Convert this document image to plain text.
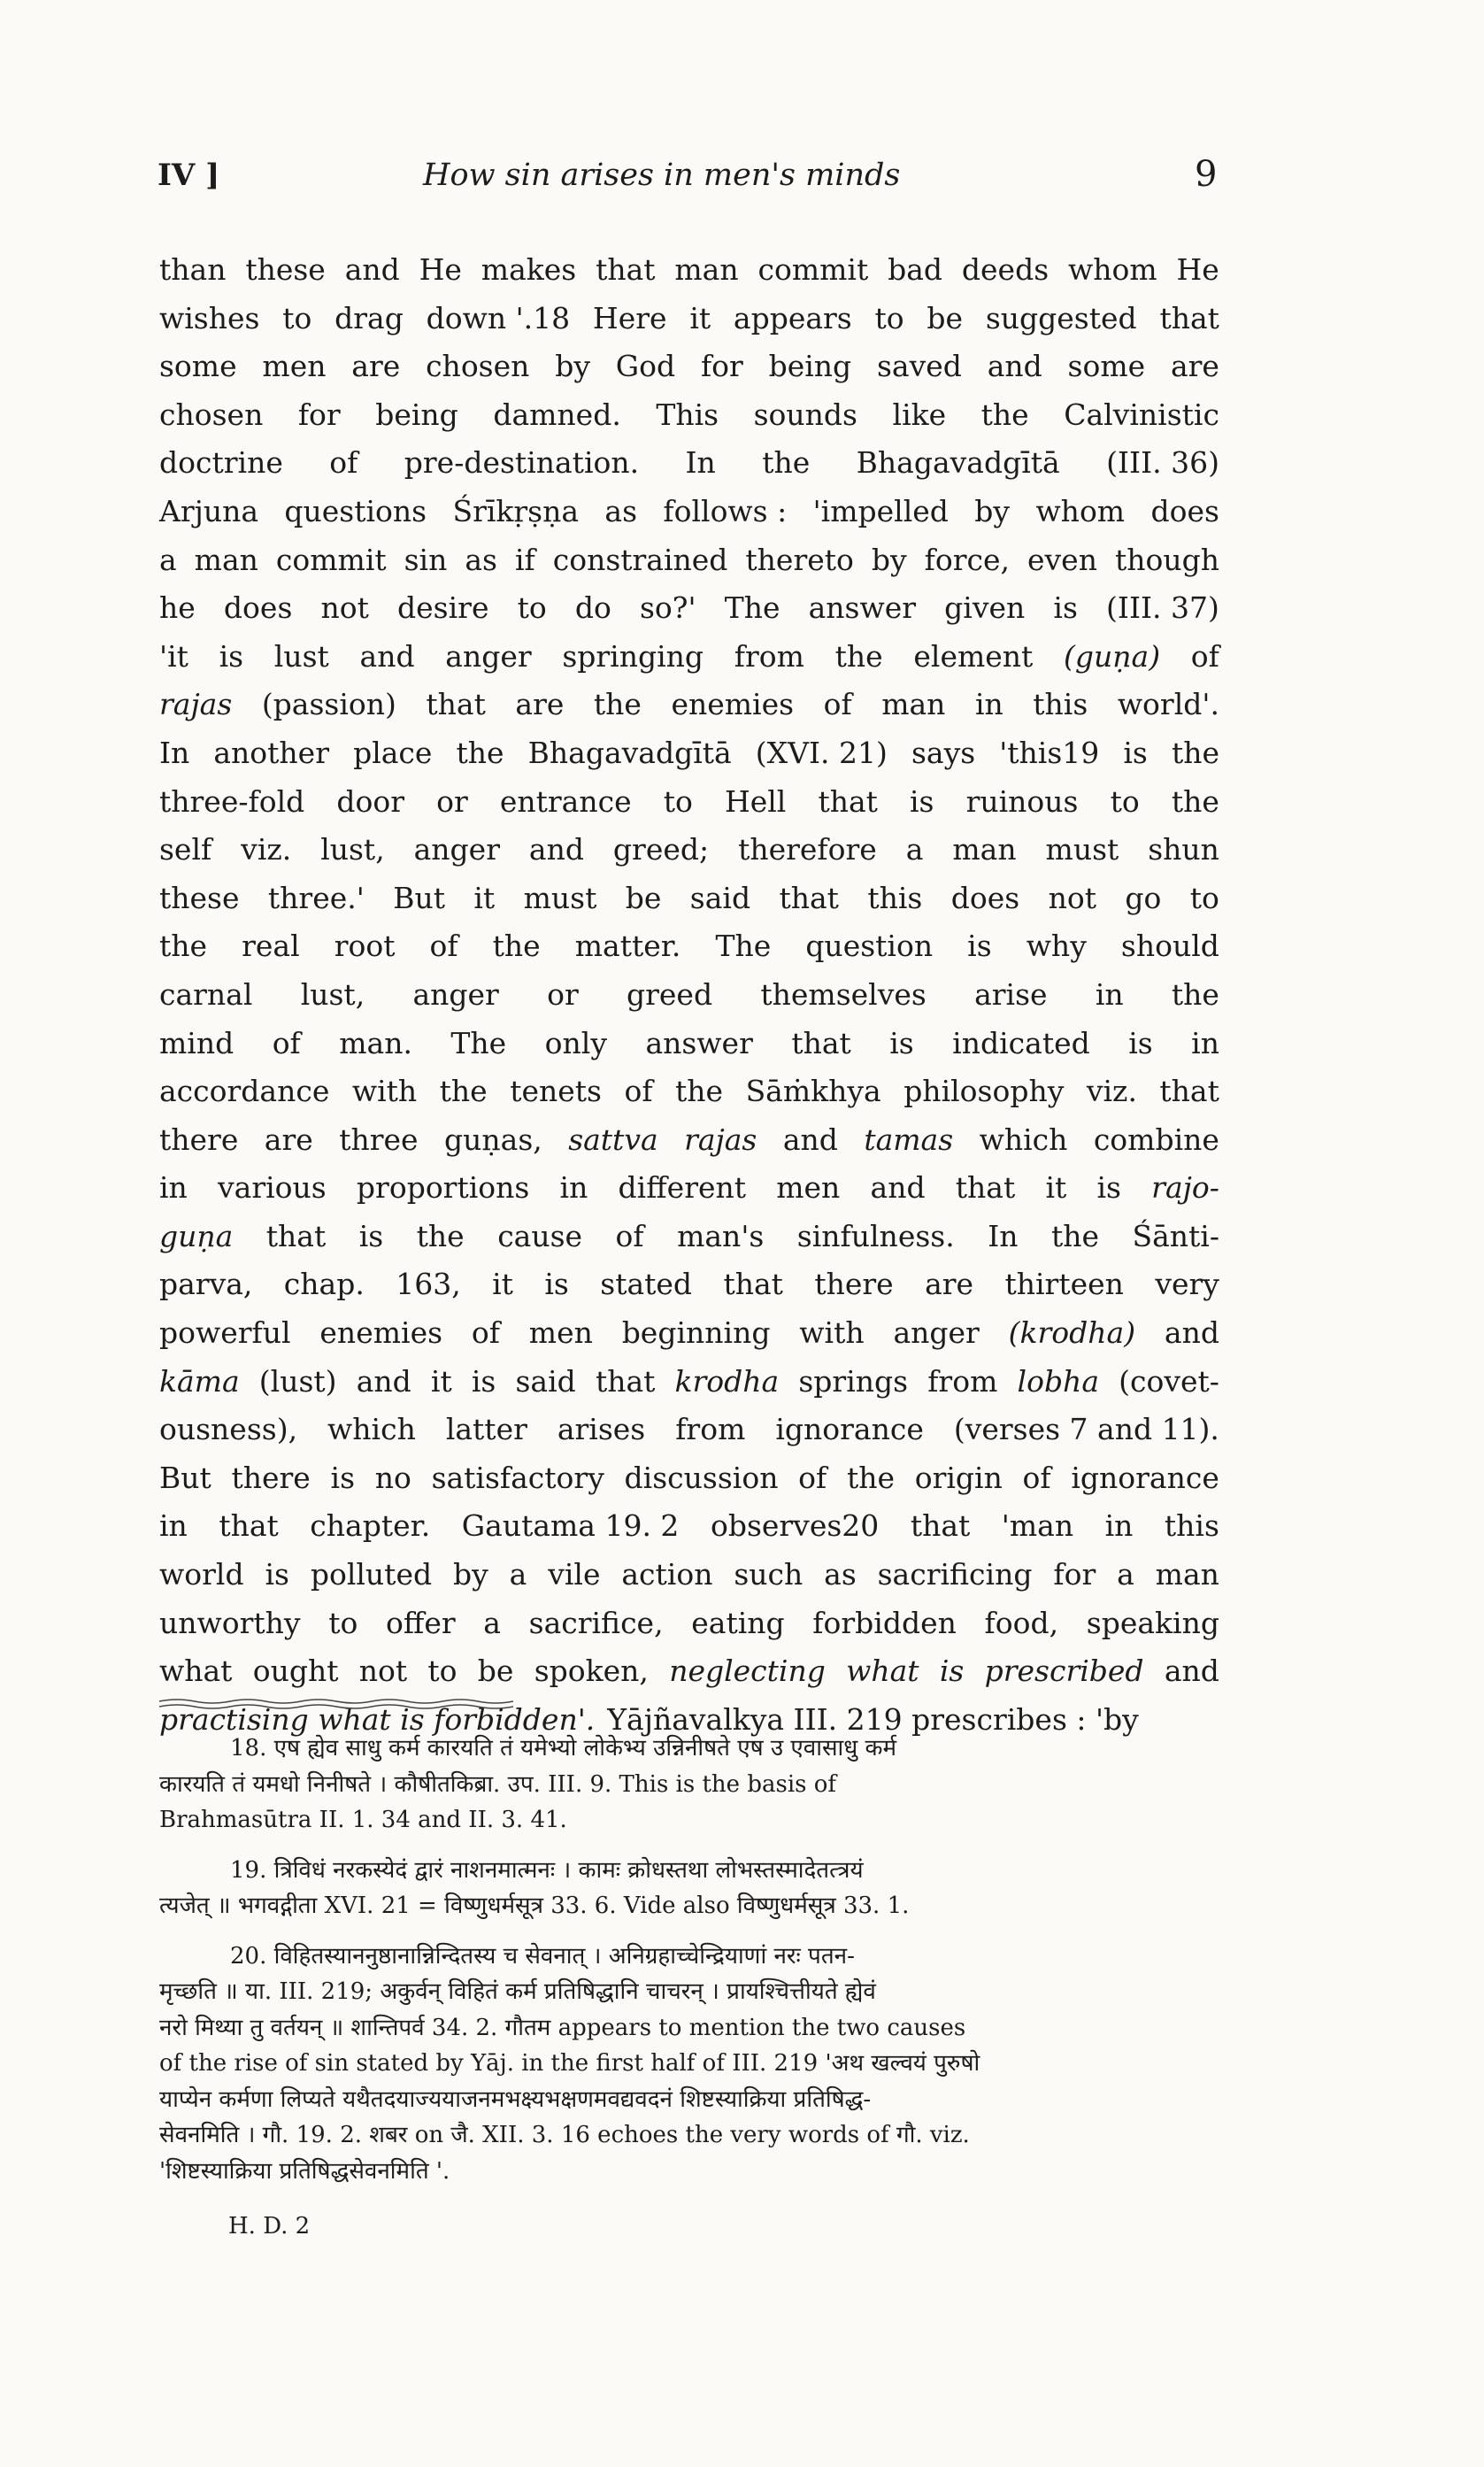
IV ]	How sin arises in men's minds	9
than these and He makes that man commit bad deeds whom He
wishes to drag down '.18 Here it appears to be suggested that
some men are chosen by God for being saved and some are
chosen for being damned. This sounds like the Calvinistic
doctrine of pre-destination. In the Bhagavadgītā (III. 36)
Arjuna questions Śrīkṛṣṇa as follows : 'impelled by whom does
a man commit sin as if constrained thereto by force, even though
he does not desire to do so?' The answer given is (III. 37)
'it is lust and anger springing from the element (guṇa) of
rajas (passion) that are the enemies of man in this world'.
In another place the Bhagavadgītā (XVI. 21) says 'this19 is the
three-fold door or entrance to Hell that is ruinous to the
self viz. lust, anger and greed; therefore a man must shun
these three.' But it must be said that this does not go to
the real root of the matter. The question is why should
carnal lust, anger or greed themselves arise in the
mind of man. The only answer that is indicated is in
accordance with the tenets of the Sāṁkhya philosophy viz. that
there are three guṇas, sattva rajas and tamas which combine
in various proportions in different men and that it is rajo-
guṇa that is the cause of man's sinfulness. In the Śānti-
parva, chap. 163, it is stated that there are thirteen very
powerful enemies of men beginning with anger (krodha) and
kāma (lust) and it is said that krodha springs from lobha (covet-
ousness), which latter arises from ignorance (verses 7 and 11).
But there is no satisfactory discussion of the origin of ignorance
in that chapter. Gautama 19. 2 observes20 that 'man in this
world is polluted by a vile action such as sacrificing for a man
unworthy to offer a sacrifice, eating forbidden food, speaking
what ought not to be spoken, neglecting what is prescribed and
practising what is forbidden'. Yājñavalkya III. 219 prescribes : 'by
18. एष ह्येव साधु कर्म कारयति तं यमेभ्यो लोकेभ्य उन्निनीषते एष उ एवासाधु कर्म
कारयति तं यमधो निनीषते । कौषीतकिब्रा. उप. III. 9. This is the basis of
Brahmasūtra II. 1. 34 and II. 3. 41.
19. त्रिविधं नरकस्येदं द्वारं नाशनमात्मनः । कामः क्रोधस्तथा लोभस्तस्मादेतत्त्रयं
त्यजेत् ॥ भगवद्गीता XVI. 21 = विष्णुधर्मसूत्र 33. 6. Vide also विष्णुधर्मसूत्र 33. 1.
20. विहितस्याननुष्ठानान्निन्दितस्य च सेवनात् । अनिग्रहाच्चेन्द्रियाणां नरः पतन-
मृच्छति ॥ या. III. 219; अकुर्वन् विहितं कर्म प्रतिषिद्धानि चाचरन् । प्रायश्चित्तीयते ह्येवं
नरो मिथ्या तु वर्तयन् ॥ शान्तिपर्व 34. 2. गौतम appears to mention the two causes
of the rise of sin stated by Yāj. in the first half of III. 219 'अथ खल्वयं पुरुषो
याप्येन कर्मणा लिप्यते यथैतदयाज्ययाजनमभक्ष्यभक्षणमवद्यवदनं शिष्टस्याक्रिया प्रतिषिद्ध-
सेवनमिति । गौ. 19. 2. शबर on जै. XII. 3. 16 echoes the very words of गौ. viz.
'शिष्टस्याक्रिया प्रतिषिद्धसेवनमिति '.
H. D. 2
